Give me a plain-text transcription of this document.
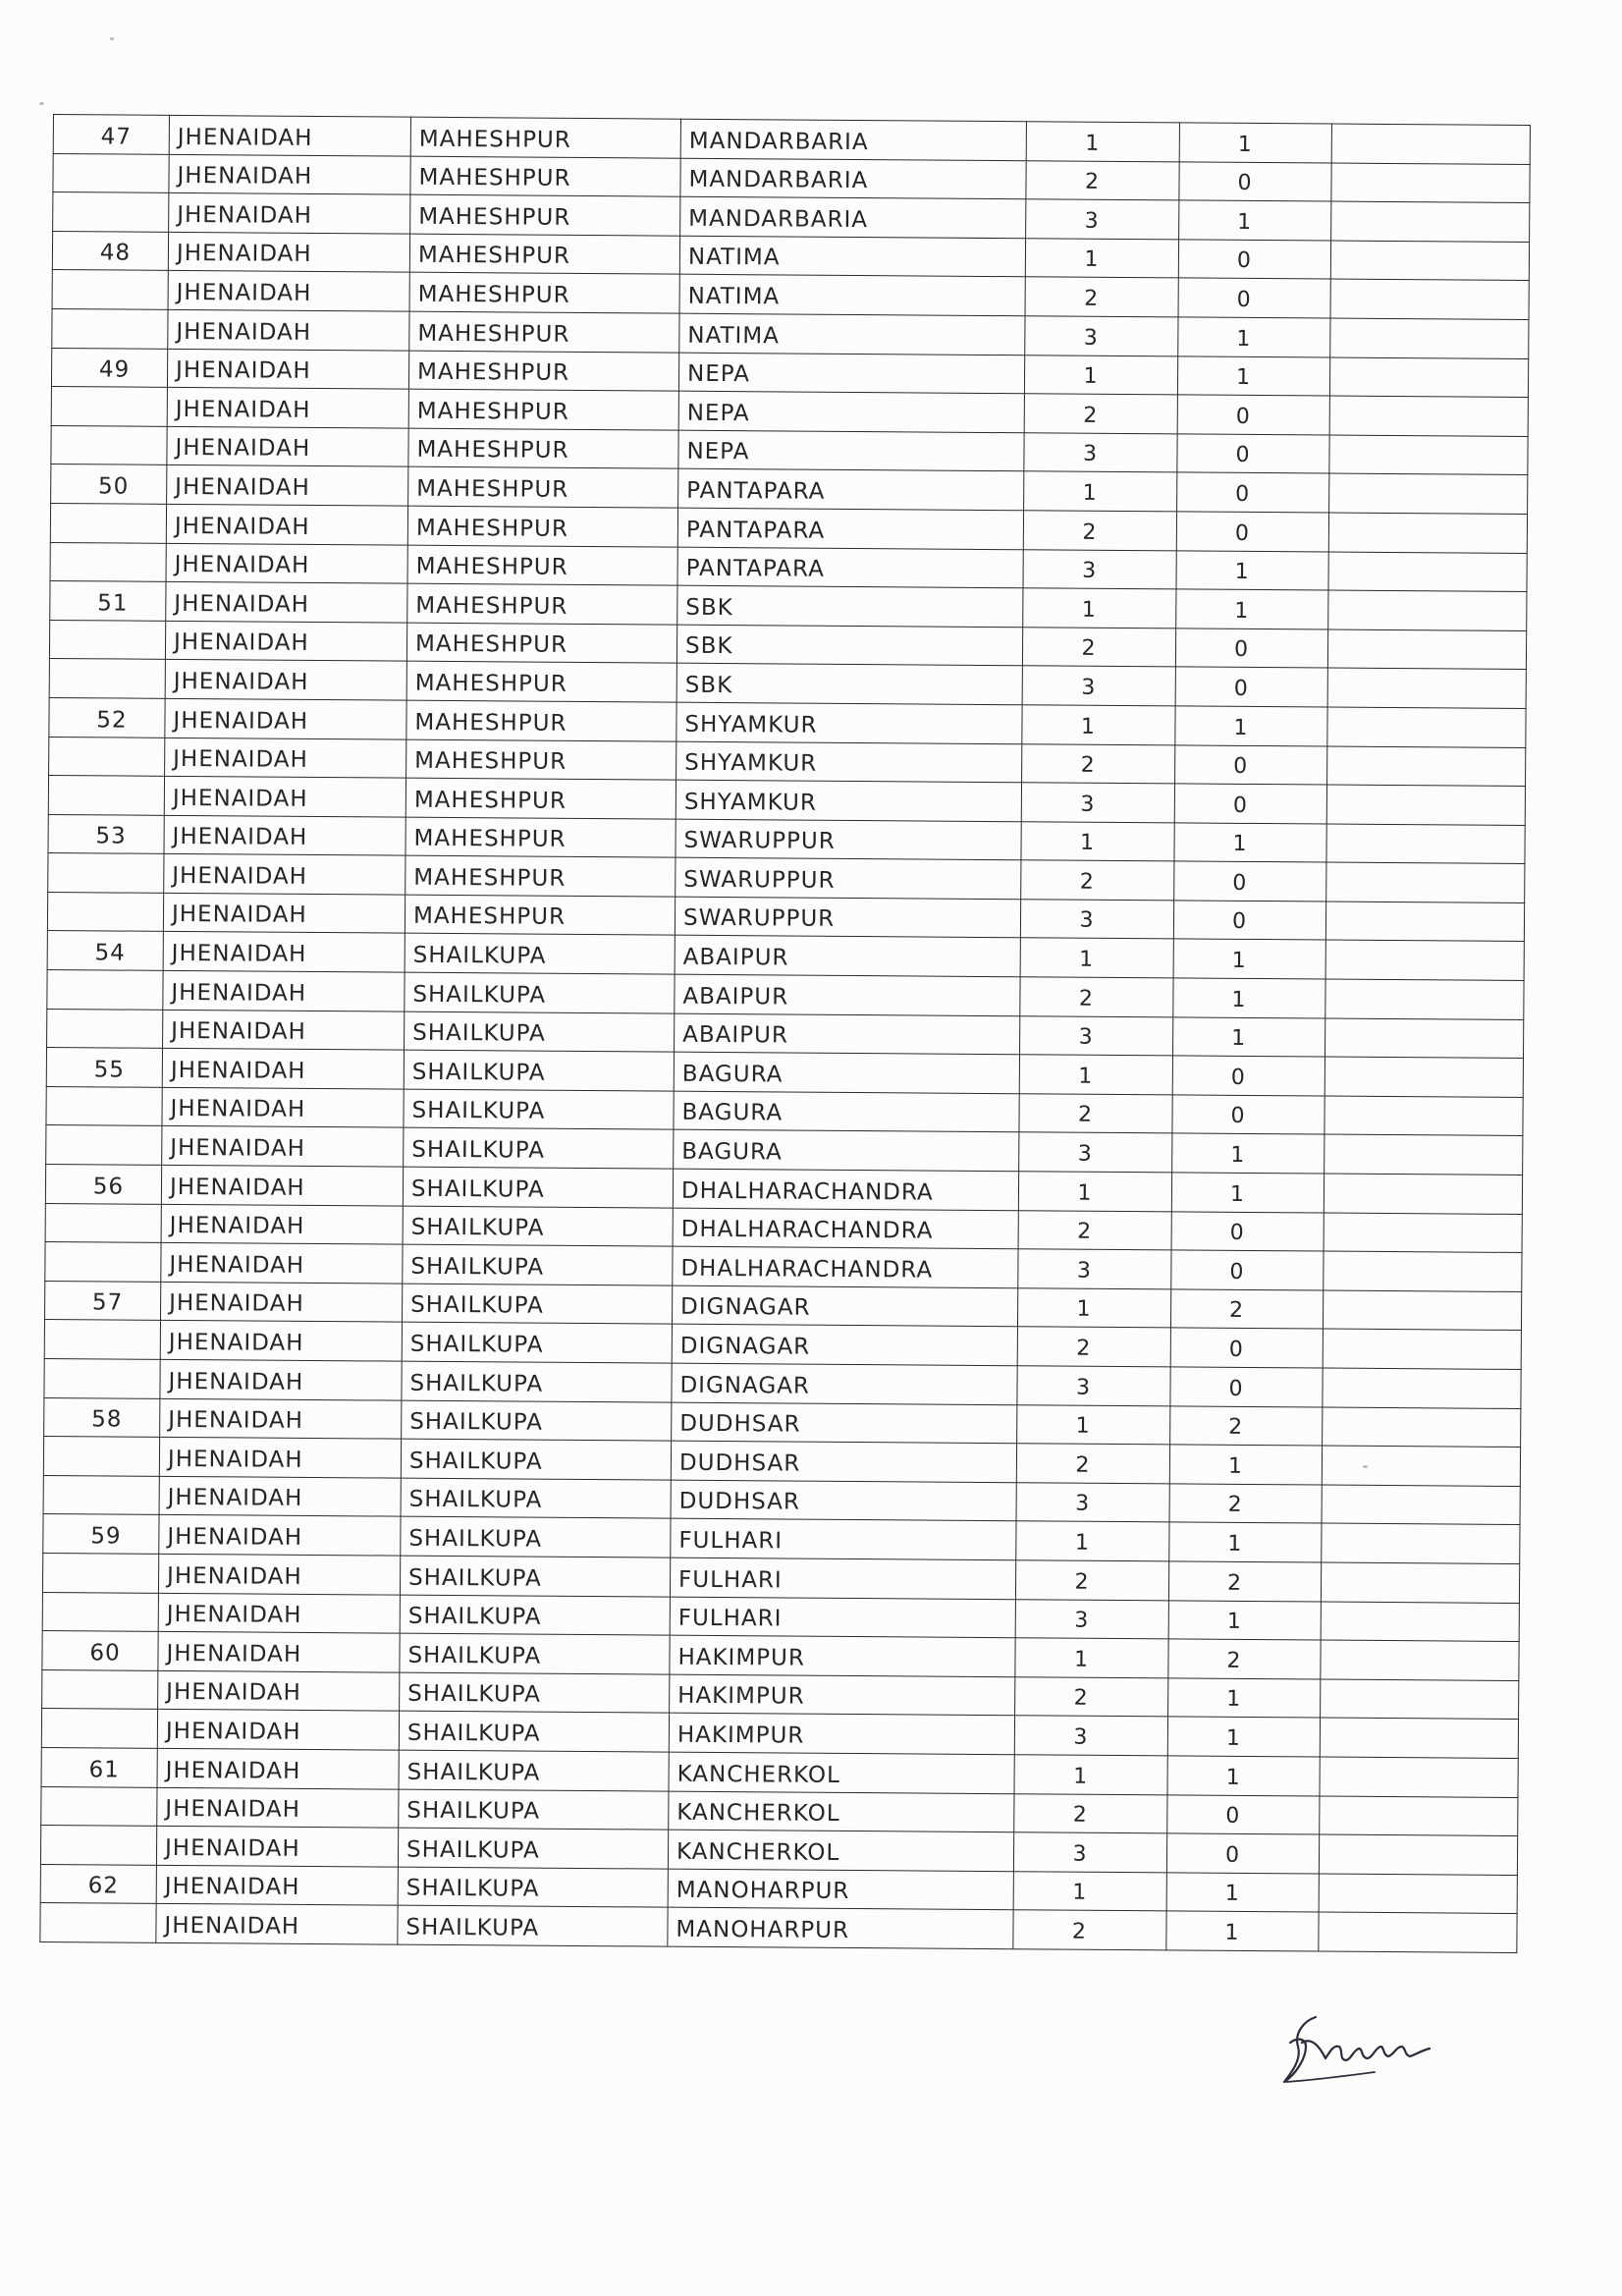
47	JHENAIDAH	MAHESHPUR	MANDARBARIA	1	1	
	JHENAIDAH	MAHESHPUR	MANDARBARIA	2	0	
	JHENAIDAH	MAHESHPUR	MANDARBARIA	3	1	
48	JHENAIDAH	MAHESHPUR	NATIMA	1	0	
	JHENAIDAH	MAHESHPUR	NATIMA	2	0	
	JHENAIDAH	MAHESHPUR	NATIMA	3	1	
49	JHENAIDAH	MAHESHPUR	NEPA	1	1	
	JHENAIDAH	MAHESHPUR	NEPA	2	0	
	JHENAIDAH	MAHESHPUR	NEPA	3	0	
50	JHENAIDAH	MAHESHPUR	PANTAPARA	1	0	
	JHENAIDAH	MAHESHPUR	PANTAPARA	2	0	
	JHENAIDAH	MAHESHPUR	PANTAPARA	3	1	
51	JHENAIDAH	MAHESHPUR	SBK	1	1	
	JHENAIDAH	MAHESHPUR	SBK	2	0	
	JHENAIDAH	MAHESHPUR	SBK	3	0	
52	JHENAIDAH	MAHESHPUR	SHYAMKUR	1	1	
	JHENAIDAH	MAHESHPUR	SHYAMKUR	2	0	
	JHENAIDAH	MAHESHPUR	SHYAMKUR	3	0	
53	JHENAIDAH	MAHESHPUR	SWARUPPUR	1	1	
	JHENAIDAH	MAHESHPUR	SWARUPPUR	2	0	
	JHENAIDAH	MAHESHPUR	SWARUPPUR	3	0	
54	JHENAIDAH	SHAILKUPA	ABAIPUR	1	1	
	JHENAIDAH	SHAILKUPA	ABAIPUR	2	1	
	JHENAIDAH	SHAILKUPA	ABAIPUR	3	1	
55	JHENAIDAH	SHAILKUPA	BAGURA	1	0	
	JHENAIDAH	SHAILKUPA	BAGURA	2	0	
	JHENAIDAH	SHAILKUPA	BAGURA	3	1	
56	JHENAIDAH	SHAILKUPA	DHALHARACHANDRA	1	1	
	JHENAIDAH	SHAILKUPA	DHALHARACHANDRA	2	0	
	JHENAIDAH	SHAILKUPA	DHALHARACHANDRA	3	0	
57	JHENAIDAH	SHAILKUPA	DIGNAGAR	1	2	
	JHENAIDAH	SHAILKUPA	DIGNAGAR	2	0	
	JHENAIDAH	SHAILKUPA	DIGNAGAR	3	0	
58	JHENAIDAH	SHAILKUPA	DUDHSAR	1	2	
	JHENAIDAH	SHAILKUPA	DUDHSAR	2	1	
	JHENAIDAH	SHAILKUPA	DUDHSAR	3	2	
59	JHENAIDAH	SHAILKUPA	FULHARI	1	1	
	JHENAIDAH	SHAILKUPA	FULHARI	2	2	
	JHENAIDAH	SHAILKUPA	FULHARI	3	1	
60	JHENAIDAH	SHAILKUPA	HAKIMPUR	1	2	
	JHENAIDAH	SHAILKUPA	HAKIMPUR	2	1	
	JHENAIDAH	SHAILKUPA	HAKIMPUR	3	1	
61	JHENAIDAH	SHAILKUPA	KANCHERKOL	1	1	
	JHENAIDAH	SHAILKUPA	KANCHERKOL	2	0	
	JHENAIDAH	SHAILKUPA	KANCHERKOL	3	0	
62	JHENAIDAH	SHAILKUPA	MANOHARPUR	1	1	
	JHENAIDAH	SHAILKUPA	MANOHARPUR	2	1	
